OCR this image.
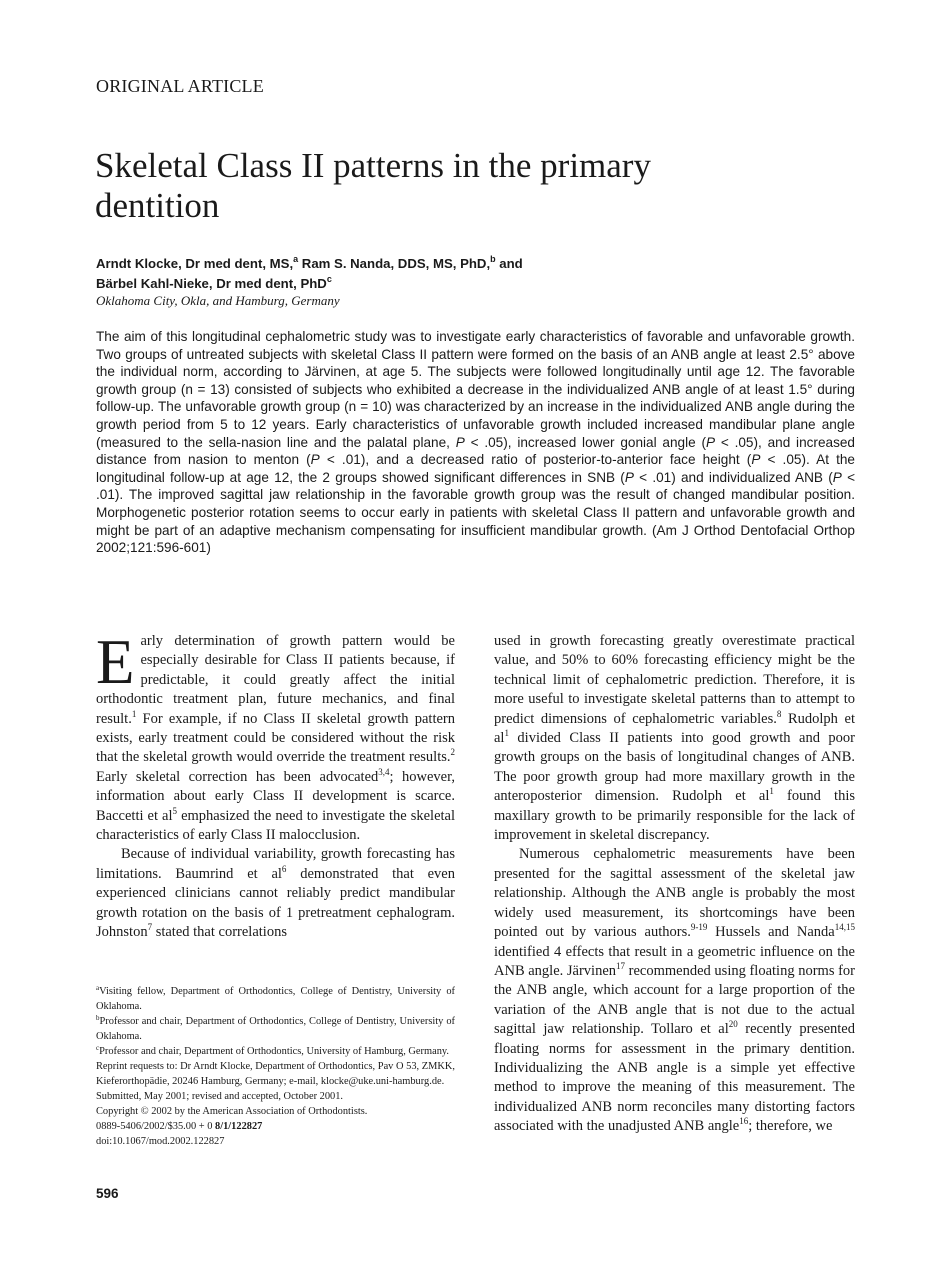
ORIGINAL ARTICLE
Skeletal Class II patterns in the primary dentition
Arndt Klocke, Dr med dent, MS,$^a$ Ram S. Nanda, DDS, MS, PhD,$^b$ and
Bärbel Kahl-Nieke, Dr med dent, PhD$^c$
Oklahoma City, Okla, and Hamburg, Germany

The aim of this longitudinal cephalometric study was to investigate early characteristics of favorable and unfavorable growth. Two groups of untreated subjects with skeletal Class II pattern were formed on the basis of an ANB angle at least 2.5° above the individual norm, according to Järvinen, at age 5. The subjects were followed longitudinally until age 12. The favorable growth group (n = 13) consisted of subjects who exhibited a decrease in the individualized ANB angle of at least 1.5° during follow-up. The unfavorable growth group (n = 10) was characterized by an increase in the individualized ANB angle during the growth period from 5 to 12 years. Early characteristics of unfavorable growth included increased mandibular plane angle (measured to the sella-nasion line and the palatal plane, P < .05), increased lower gonial angle (P < .05), and increased distance from nasion to menton (P < .01), and a decreased ratio of posterior-to-anterior face height (P < .05). At the longitudinal follow-up at age 12, the 2 groups showed significant differences in SNB (P < .01) and individualized ANB (P < .01). The improved sagittal jaw relationship in the favorable growth group was the result of changed mandibular position. Morphogenetic posterior rotation seems to occur early in patients with skeletal Class II pattern and unfavorable growth and might be part of an adaptive mechanism compensating for insufficient mandibular growth. (Am J Orthod Dentofacial Orthop 2002;121:596-601)

Early determination of growth pattern would be especially desirable for Class II patients because, if predictable, it could greatly affect the initial orthodontic treatment plan, future mechanics, and final result.$^1$ For example, if no Class II skeletal growth pattern exists, early treatment could be considered without the risk that the skeletal growth would override the treatment results.$^2$ Early skeletal correction has been advocated$^{3,4}$; however, information about early Class II development is scarce. Baccetti et $al^5$ emphasized the need to investigate the skeletal characteristics of early Class II malocclusion.

Because of individual variability, growth forecasting has limitations. Baumrind et $al^6$ demonstrated that even experienced clinicians cannot reliably predict mandibular growth rotation on the basis of 1 pretreatment cephalogram. Johnston$^7$ stated that correlations

used in growth forecasting greatly overestimate practical value, and 50% to 60% forecasting efficiency might be the technical limit of cephalometric prediction. Therefore, it is more useful to investigate skeletal patterns than to attempt to predict dimensions of cephalometric variables.$^8$ Rudolph et $al^1$ divided Class II patients into good growth and poor growth groups on the basis of longitudinal changes of ANB. The poor growth group had more maxillary growth in the anteroposterior dimension. Rudolph et $al^1$ found this maxillary growth to be primarily responsible for the lack of improvement in skeletal discrepancy.

Numerous cephalometric measurements have been presented for the sagittal assessment of the skeletal jaw relationship. Although the ANB angle is probably the most widely used measurement, its shortcomings have been pointed out by various authors.$^{9-19}$ Hussels and Nanda$^{14,15}$ identified 4 effects that result in a geometric influence on the ANB angle. Järvinen$^{17}$ recommended using floating norms for the ANB angle, which account for a large proportion of the variation of the ANB angle that is not due to the actual sagittal jaw relationship. Tollaro et $al^{20}$ recently presented floating norms for assessment in the primary dentition. Individualizing the ANB angle is a simple yet effective method to improve the meaning of this measurement. The individualized ANB norm reconciles many distorting factors associated with the unadjusted ANB angle$^{16}$; therefore, we

$^a$Visiting fellow, Department of Orthodontics, College of Dentistry, University of Oklahoma.
$^b$Professor and chair, Department of Orthodontics, College of Dentistry, University of Oklahoma.
$^c$Professor and chair, Department of Orthodontics, University of Hamburg, Germany.
Reprint requests to: Dr Arndt Klocke, Department of Orthodontics, Pav O 53, ZMKK, Kieferorthopädie, 20246 Hamburg, Germany; e-mail, klocke@uke.uni-hamburg.de.
Submitted, May 2001; revised and accepted, October 2001.
Copyright © 2002 by the American Association of Orthodontists.
0889-5406/2002/$35.00 + 0 8/1/122827
doi:10.1067/mod.2002.122827
596
